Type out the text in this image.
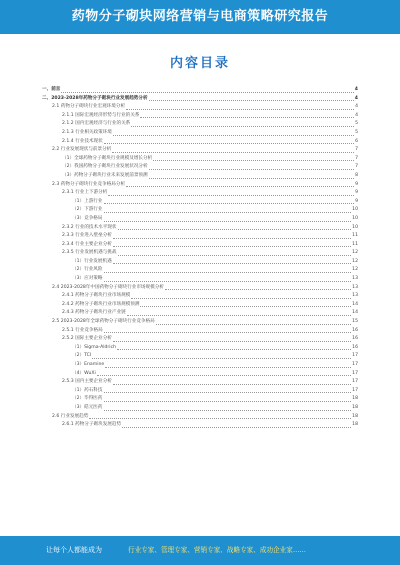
药物分子砌块网络营销与电商策略研究报告
内容目录
一、前言	4
二、2023-2028年药物分子砌块行业发展趋势分析	4
2.1 药物分子砌块行业宏观环境分析	4
2.1.1 国际宏观经济形势与行业的关系	4
2.1.2 国内宏观经济与行业的关系	5
2.1.3 行业相关政策环境	5
2.1.4 行业技术现状	6
2.2 行业发展现状与前景分析	7
（1）全球药物分子砌块行业规模及增长分析	7
（2）我国药物分子砌块行业发展状况分析	7
（3）药物分子砌块行业未来发展前景预测	8
2.3 药物分子砌块行业竞争格局分析	9
2.3.1 行业上下游分析	9
（1）上游行业	9
（2）下游行业	10
（3）竞争格局	10
2.3.2 行业的技术水平现状	10
2.3.3 行业进入壁垒分析	11
2.3.4 行业主要企业分析	11
2.3.5 行业发展机遇与挑战	12
（1）行业发展机遇	12
（2）行业风险	12
（3）应对策略	13
2.4 2023-2028年中国药物分子砌块行业市场规模分析	13
2.4.1 药物分子砌块行业市场规模	13
2.4.2 药物分子砌块行业市场规模预测	14
2.4.3 药物分子砌块行业产业链	14
2.5 2023-2028年全球药物分子砌块行业竞争格局	15
2.5.1 行业竞争格局	16
2.5.2 国际主要企业分析	16
（1）Sigma-Aldrich	16
（2）TCI	17
（3）Enamine	17
（4）WuXi	17
2.5.3 国内主要企业分析	17
（1）药石科技	17
（2）毕得医药	18
（3）皓元医药	18
2.6 行业发展趋势	18
2.6.1 药物分子砌块发展趋势	18
让每个人都能成为	行业专家、管理专家、营销专家、战略专家、成功企业家……
